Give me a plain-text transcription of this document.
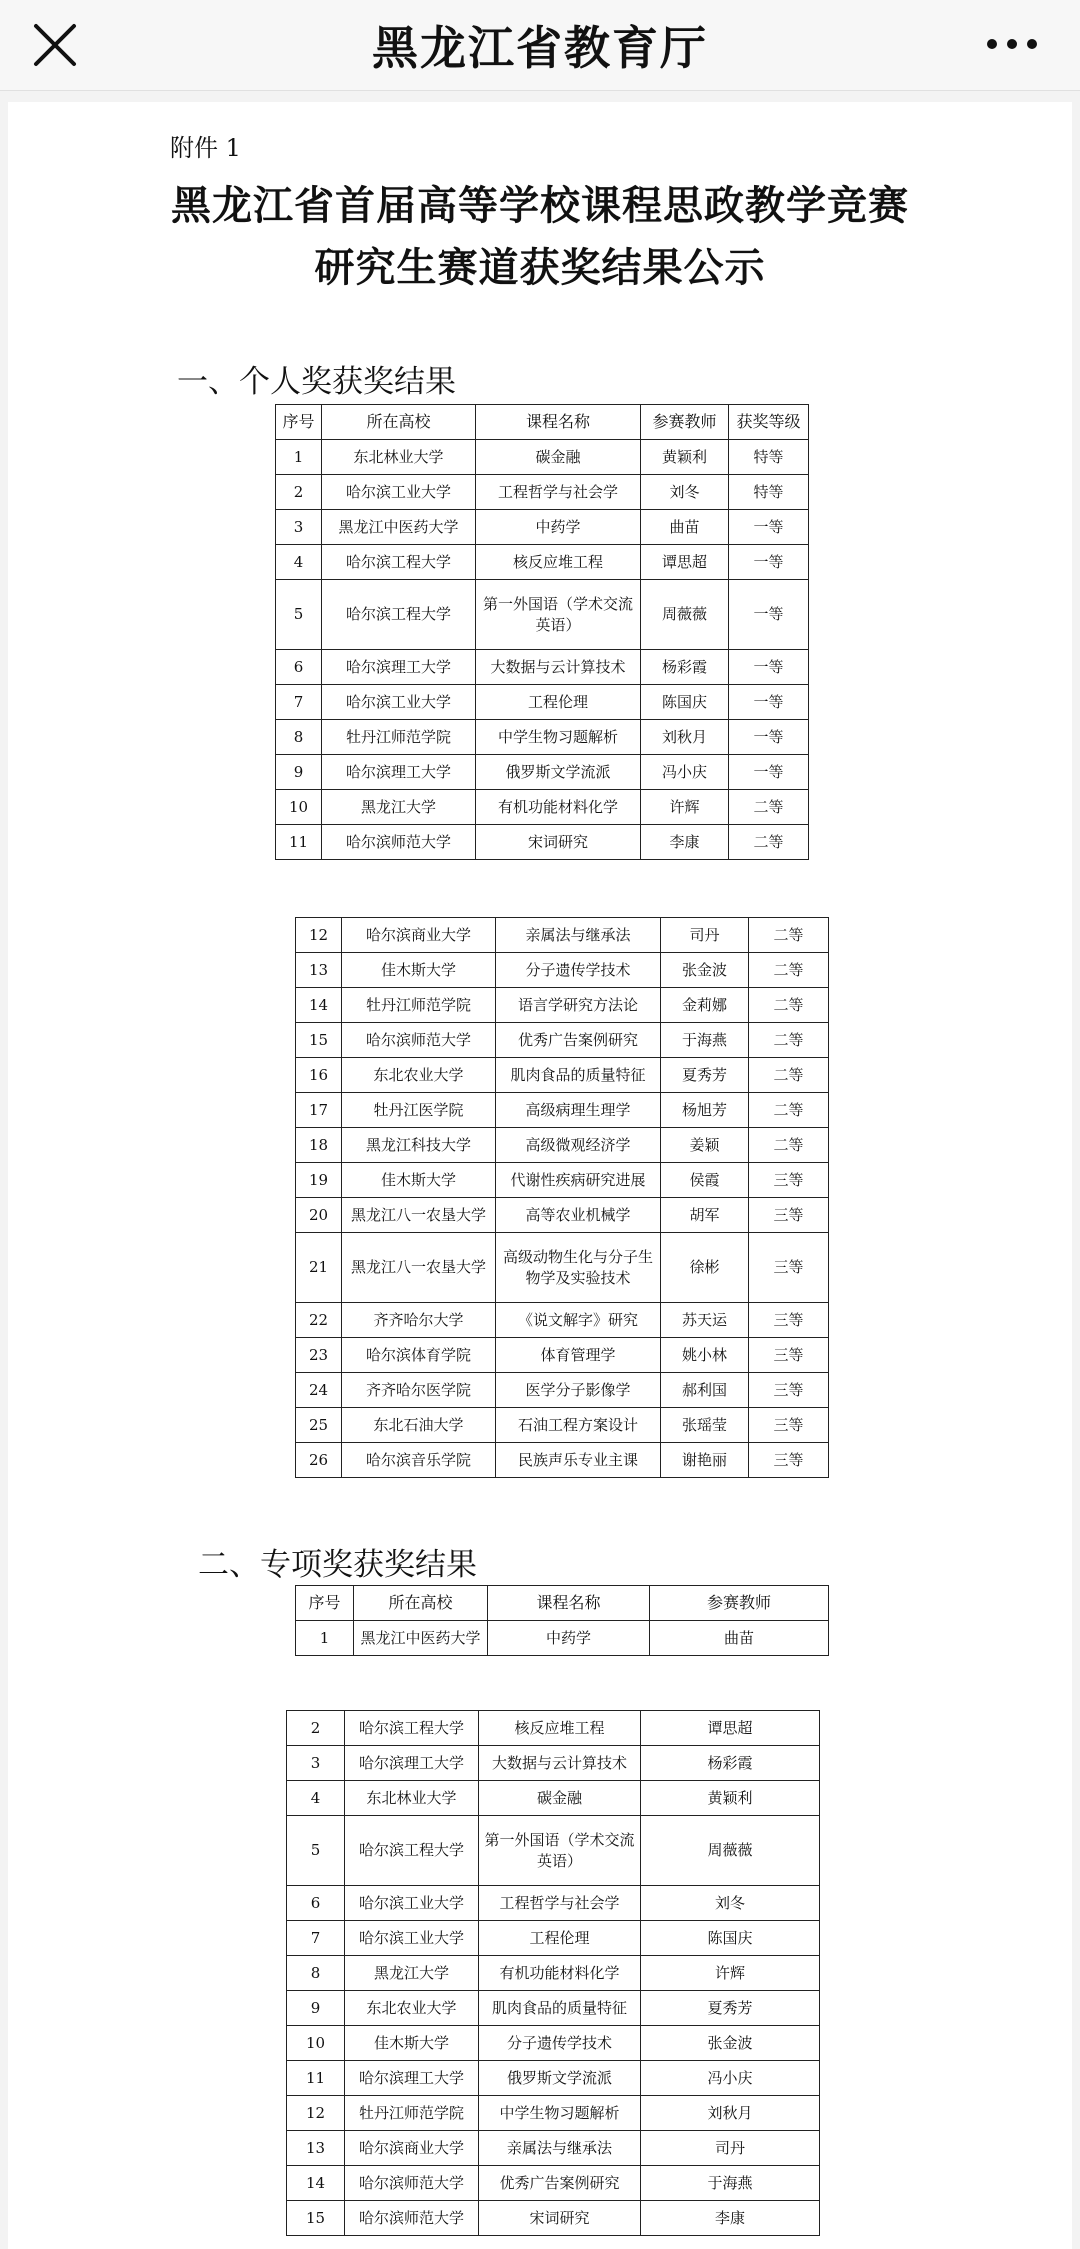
黑龙江省教育厅
附件 1
黑龙江省首届高等学校课程思政教学竞赛
研究生赛道获奖结果公示
一、个人奖获奖结果
序号	所在高校	课程名称	参赛教师	获奖等级
1	东北林业大学	碳金融	黄颖利	特等
2	哈尔滨工业大学	工程哲学与社会学	刘冬	特等
3	黑龙江中医药大学	中药学	曲苗	一等
4	哈尔滨工程大学	核反应堆工程	谭思超	一等
5	哈尔滨工程大学	第一外国语（学术交流英语）	周薇薇	一等
6	哈尔滨理工大学	大数据与云计算技术	杨彩霞	一等
7	哈尔滨工业大学	工程伦理	陈国庆	一等
8	牡丹江师范学院	中学生物习题解析	刘秋月	一等
9	哈尔滨理工大学	俄罗斯文学流派	冯小庆	一等
10	黑龙江大学	有机功能材料化学	许辉	二等
11	哈尔滨师范大学	宋词研究	李康	二等
12	哈尔滨商业大学	亲属法与继承法	司丹	二等
13	佳木斯大学	分子遗传学技术	张金波	二等
14	牡丹江师范学院	语言学研究方法论	金莉娜	二等
15	哈尔滨师范大学	优秀广告案例研究	于海燕	二等
16	东北农业大学	肌肉食品的质量特征	夏秀芳	二等
17	牡丹江医学院	高级病理生理学	杨旭芳	二等
18	黑龙江科技大学	高级微观经济学	姜颖	二等
19	佳木斯大学	代谢性疾病研究进展	侯霞	三等
20	黑龙江八一农垦大学	高等农业机械学	胡军	三等
21	黑龙江八一农垦大学	高级动物生化与分子生物学及实验技术	徐彬	三等
22	齐齐哈尔大学	《说文解字》研究	苏天运	三等
23	哈尔滨体育学院	体育管理学	姚小林	三等
24	齐齐哈尔医学院	医学分子影像学	郝利国	三等
25	东北石油大学	石油工程方案设计	张瑶莹	三等
26	哈尔滨音乐学院	民族声乐专业主课	谢艳丽	三等
二、专项奖获奖结果
序号	所在高校	课程名称	参赛教师
1	黑龙江中医药大学	中药学	曲苗
2	哈尔滨工程大学	核反应堆工程	谭思超
3	哈尔滨理工大学	大数据与云计算技术	杨彩霞
4	东北林业大学	碳金融	黄颖利
5	哈尔滨工程大学	第一外国语（学术交流英语）	周薇薇
6	哈尔滨工业大学	工程哲学与社会学	刘冬
7	哈尔滨工业大学	工程伦理	陈国庆
8	黑龙江大学	有机功能材料化学	许辉
9	东北农业大学	肌肉食品的质量特征	夏秀芳
10	佳木斯大学	分子遗传学技术	张金波
11	哈尔滨理工大学	俄罗斯文学流派	冯小庆
12	牡丹江师范学院	中学生物习题解析	刘秋月
13	哈尔滨商业大学	亲属法与继承法	司丹
14	哈尔滨师范大学	优秀广告案例研究	于海燕
15	哈尔滨师范大学	宋词研究	李康
